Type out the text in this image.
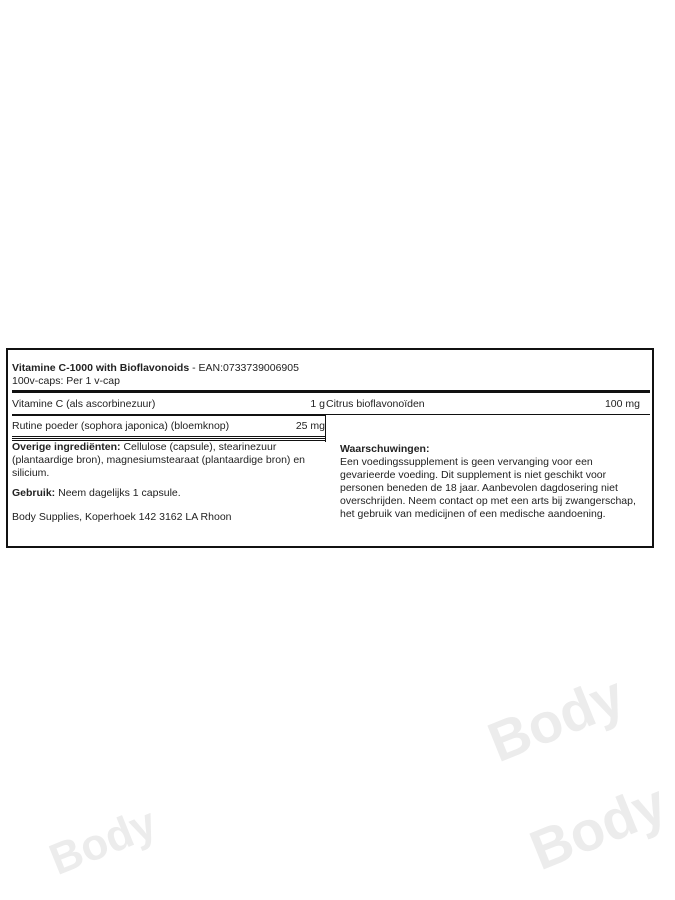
Body
Body
Body
Vitamine C-1000 with Bioflavonoids - EAN:0733739006905
100v-caps: Per 1 v-cap
Vitamine C (als ascorbinezuur)	1 g Citrus bioflavonoïden	100 mg
Rutine poeder (sophora japonica) (bloemknop)	25 mg
Overige ingrediënten: Cellulose (capsule), stearinezuur (plantaardige bron), magnesiumstearaat (plantaardige bron) en silicium.
Gebruik: Neem dagelijks 1 capsule.
Body Supplies, Koperhoek 142 3162 LA Rhoon
Waarschuwingen:
Een voedingssupplement is geen vervanging voor een gevarieerde voeding. Dit supplement is niet geschikt voor personen beneden de 18 jaar. Aanbevolen dagdosering niet overschrijden. Neem contact op met een arts bij zwangerschap, het gebruik van medicijnen of een medische aandoening.
